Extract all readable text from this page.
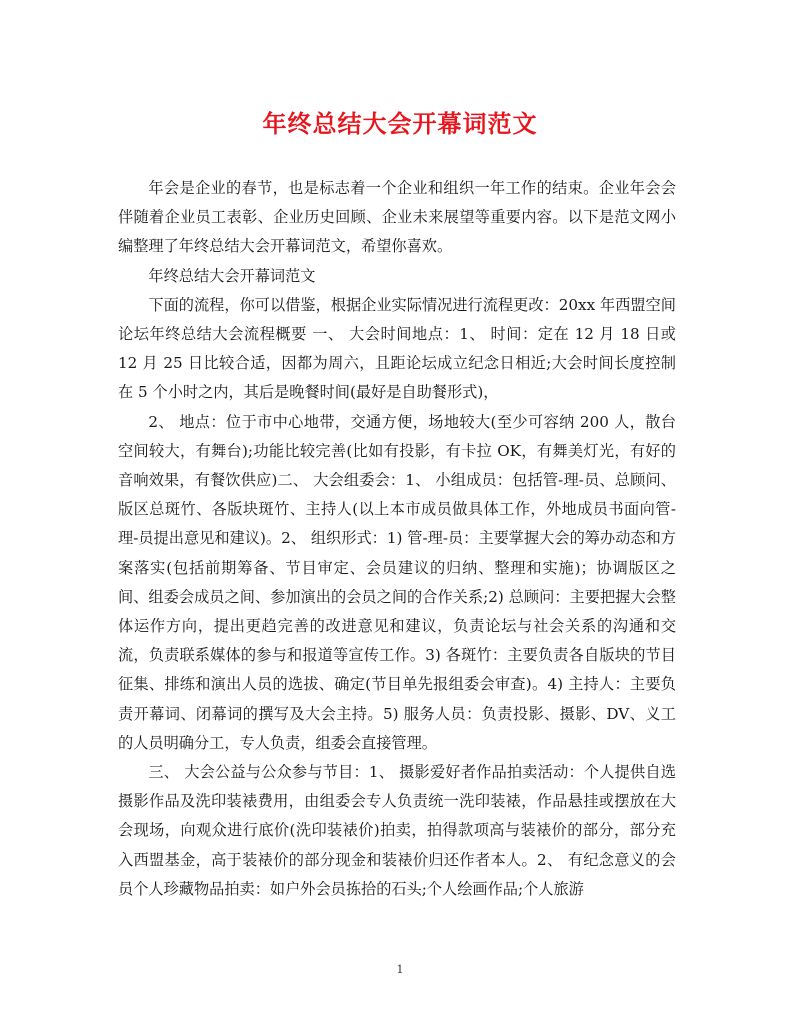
年终总结大会开幕词范文

年会是企业的春节，也是标志着一个企业和组织一年工作的结束。企业年会会伴随着企业员工表彰、企业历史回顾、企业未来展望等重要内容。以下是范文网小编整理了年终总结大会开幕词范文，希望你喜欢。

年终总结大会开幕词范文

下面的流程，你可以借鉴，根据企业实际情况进行流程更改：20xx 年西盟空间论坛年终总结大会流程概要 一、 大会时间地点：1、 时间：定在 12 月 18 日或 12 月 25 日比较合适，因都为周六，且距论坛成立纪念日相近;大会时间长度控制在 5 个小时之内，其后是晚餐时间(最好是自助餐形式)，

2、 地点：位于市中心地带，交通方便，场地较大(至少可容纳 200 人，散台空间较大，有舞台);功能比较完善(比如有投影，有卡拉 OK，有舞美灯光，有好的音响效果，有餐饮供应)二、 大会组委会：1、 小组成员：包括管-理-员、总顾问、版区总斑竹、各版块斑竹、主持人(以上本市成员做具体工作，外地成员书面向管-理-员提出意见和建议)。2、 组织形式：1) 管-理-员：主要掌握大会的筹办动态和方案落实(包括前期筹备、节目审定、会员建议的归纳、整理和实施)；协调版区之间、组委会成员之间、参加演出的会员之间的合作关系;2) 总顾问：主要把握大会整体运作方向，提出更趋完善的改进意见和建议，负责论坛与社会关系的沟通和交流，负责联系媒体的参与和报道等宣传工作。3) 各斑竹：主要负责各自版块的节目征集、排练和演出人员的选拔、确定(节目单先报组委会审查)。4) 主持人：主要负责开幕词、闭幕词的撰写及大会主持。5) 服务人员：负责投影、摄影、DV、义工的人员明确分工，专人负责，组委会直接管理。

三、 大会公益与公众参与节目：1、 摄影爱好者作品拍卖活动：个人提供自选摄影作品及洗印装裱费用，由组委会专人负责统一洗印装裱，作品悬挂或摆放在大会现场，向观众进行底价(洗印装裱价)拍卖，拍得款项高与装裱价的部分，部分充入西盟基金，高于装裱价的部分现金和装裱价归还作者本人。2、 有纪念意义的会员个人珍藏物品拍卖：如户外会员拣拾的石头;个人绘画作品;个人旅游

1
